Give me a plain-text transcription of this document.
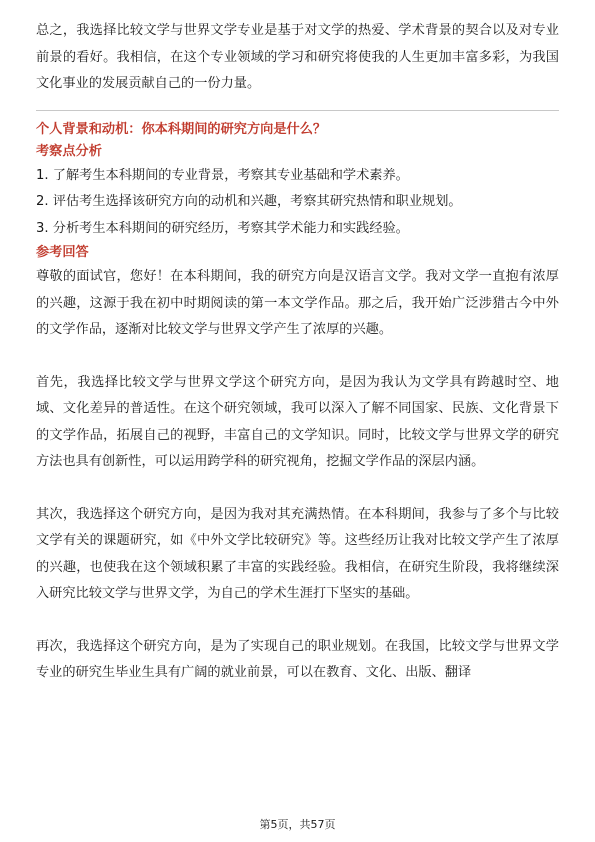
总之，我选择比较文学与世界文学专业是基于对文学的热爱、学术背景的契合以及对专业前景的看好。我相信，在这个专业领域的学习和研究将使我的人生更加丰富多彩，为我国文化事业的发展贡献自己的一份力量。

个人背景和动机：你本科期间的研究方向是什么？

考察点分析

1. 了解考生本科期间的专业背景，考察其专业基础和学术素养。
2. 评估考生选择该研究方向的动机和兴趣，考察其研究热情和职业规划。
3. 分析考生本科期间的研究经历，考察其学术能力和实践经验。

参考回答

尊敬的面试官，您好！在本科期间，我的研究方向是汉语言文学。我对文学一直抱有浓厚的兴趣，这源于我在初中时期阅读的第一本文学作品。那之后，我开始广泛涉猎古今中外的文学作品，逐渐对比较文学与世界文学产生了浓厚的兴趣。

首先，我选择比较文学与世界文学这个研究方向，是因为我认为文学具有跨越时空、地域、文化差异的普适性。在这个研究领域，我可以深入了解不同国家、民族、文化背景下的文学作品，拓展自己的视野，丰富自己的文学知识。同时，比较文学与世界文学的研究方法也具有创新性，可以运用跨学科的研究视角，挖掘文学作品的深层内涵。

其次，我选择这个研究方向，是因为我对其充满热情。在本科期间，我参与了多个与比较文学有关的课题研究，如《中外文学比较研究》等。这些经历让我对比较文学产生了浓厚的兴趣，也使我在这个领域积累了丰富的实践经验。我相信，在研究生阶段，我将继续深入研究比较文学与世界文学，为自己的学术生涯打下坚实的基础。

再次，我选择这个研究方向，是为了实现自己的职业规划。在我国，比较文学与世界文学专业的研究生毕业生具有广阔的就业前景，可以在教育、文化、出版、翻译

第5页，共57页
